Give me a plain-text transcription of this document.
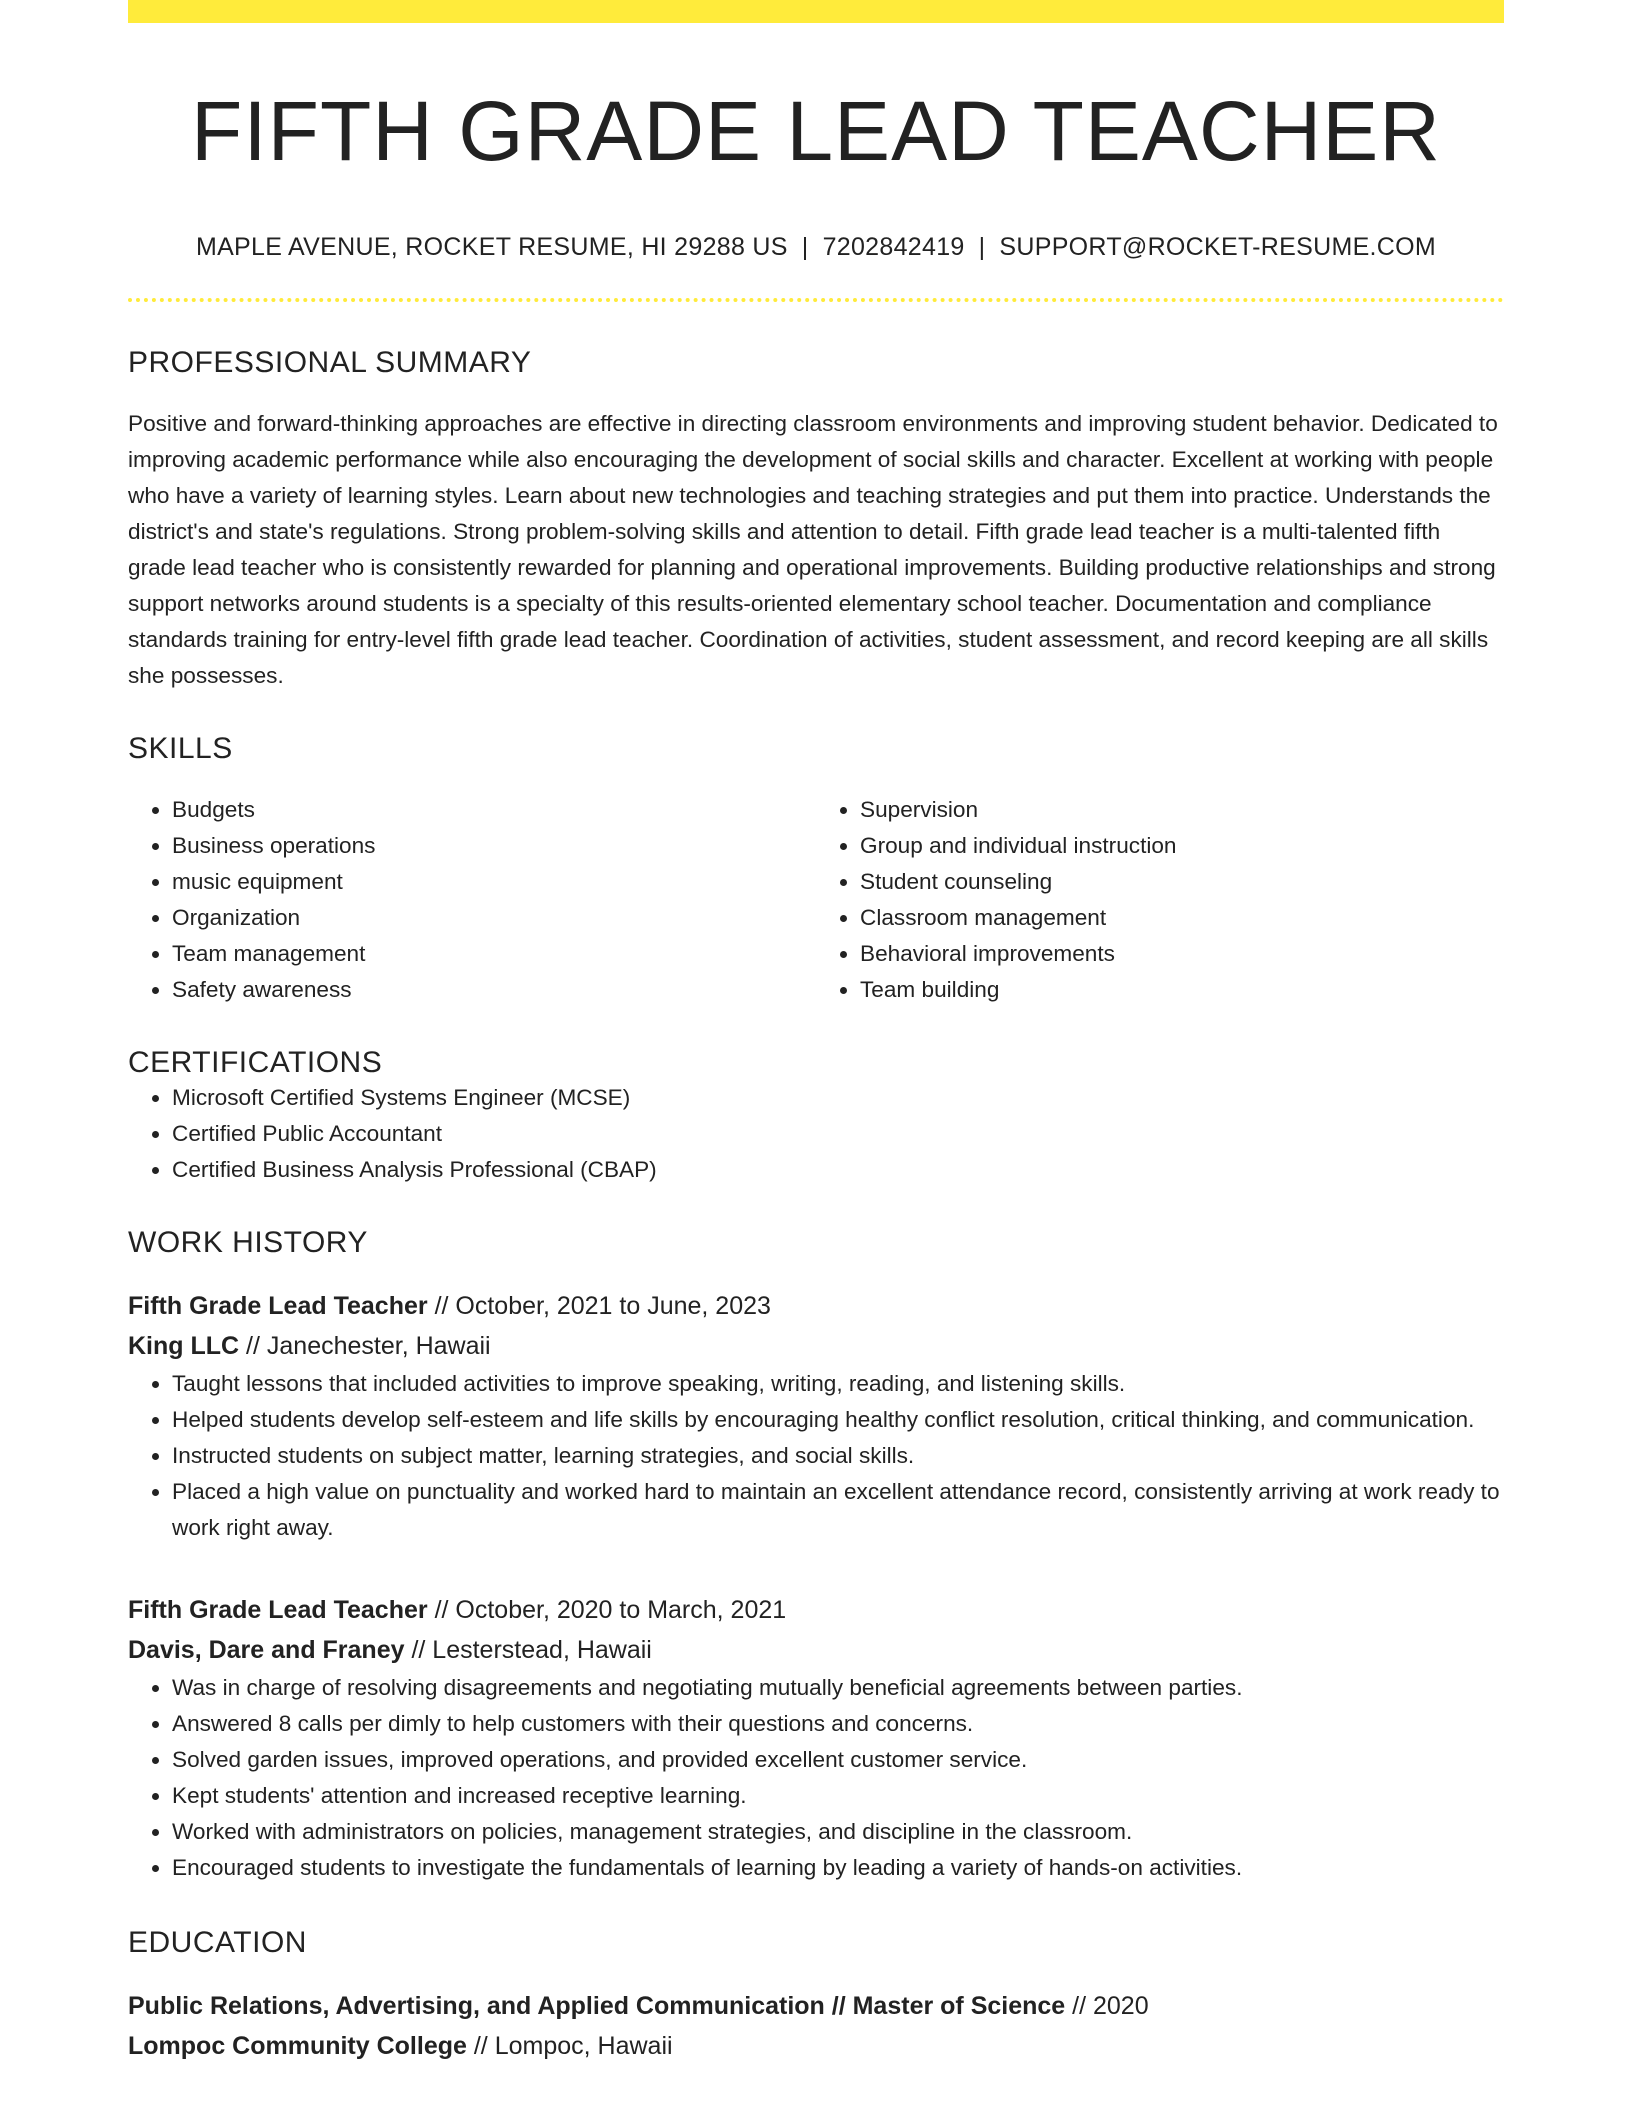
FIFTH GRADE LEAD TEACHER
MAPLE AVENUE, ROCKET RESUME, HI 29288 US | 7202842419 | SUPPORT@ROCKET-RESUME.COM
PROFESSIONAL SUMMARY

Positive and forward-thinking approaches are effective in directing classroom environments and improving student behavior. Dedicated to improving academic performance while also encouraging the development of social skills and character. Excellent at working with people who have a variety of learning styles. Learn about new technologies and teaching strategies and put them into practice. Understands the district's and state's regulations. Strong problem-solving skills and attention to detail. Fifth grade lead teacher is a multi-talented fifth grade lead teacher who is consistently rewarded for planning and operational improvements. Building productive relationships and strong support networks around students is a specialty of this results-oriented elementary school teacher. Documentation and compliance standards training for entry-level fifth grade lead teacher. Coordination of activities, student assessment, and record keeping are all skills she possesses.

SKILLS
• Budgets
• Business operations
• music equipment
• Organization
• Team management
• Safety awareness
• Supervision
• Group and individual instruction
• Student counseling
• Classroom management
• Behavioral improvements
• Team building
CERTIFICATIONS
• Microsoft Certified Systems Engineer (MCSE)
• Certified Public Accountant
• Certified Business Analysis Professional (CBAP)
WORK HISTORY
Fifth Grade Lead Teacher // October, 2021 to June, 2023
King LLC // Janechester, Hawaii
• Taught lessons that included activities to improve speaking, writing, reading, and listening skills.
• Helped students develop self-esteem and life skills by encouraging healthy conflict resolution, critical thinking, and communication.
• Instructed students on subject matter, learning strategies, and social skills.
• Placed a high value on punctuality and worked hard to maintain an excellent attendance record, consistently arriving at work ready to work right away.
Fifth Grade Lead Teacher // October, 2020 to March, 2021
Davis, Dare and Franey // Lesterstead, Hawaii
• Was in charge of resolving disagreements and negotiating mutually beneficial agreements between parties.
• Answered 8 calls per dimly to help customers with their questions and concerns.
• Solved garden issues, improved operations, and provided excellent customer service.
• Kept students' attention and increased receptive learning.
• Worked with administrators on policies, management strategies, and discipline in the classroom.
• Encouraged students to investigate the fundamentals of learning by leading a variety of hands-on activities.
EDUCATION
Public Relations, Advertising, and Applied Communication // Master of Science // 2020
Lompoc Community College // Lompoc, Hawaii
